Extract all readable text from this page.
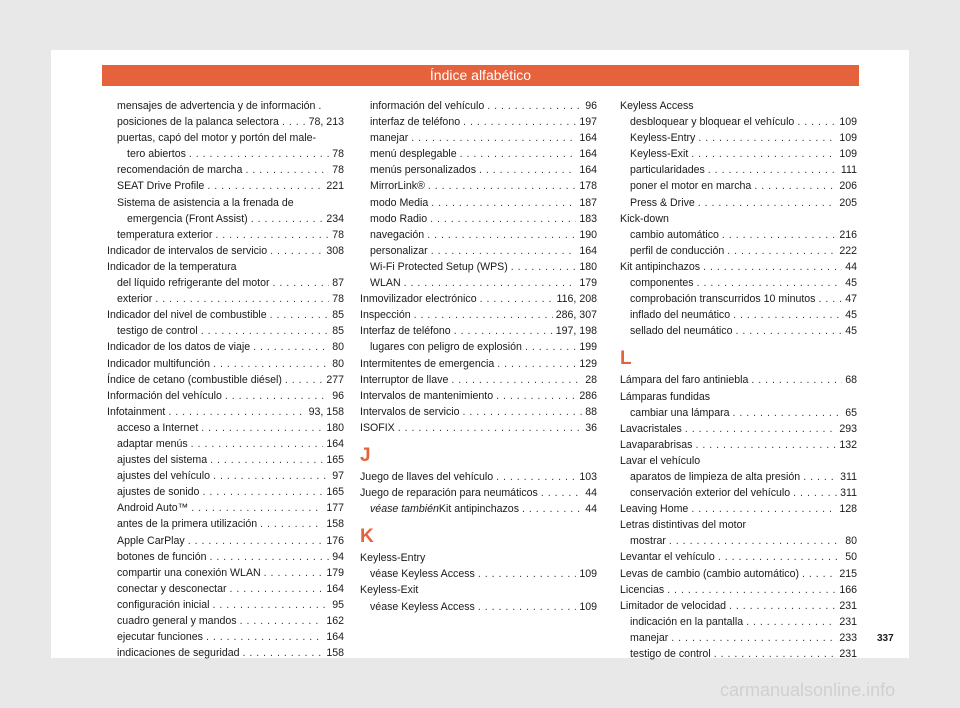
Índice alfabético
mensajes de advertencia y de información .
posiciones de la palanca selectora . . .	78, 213
puertas, capó del motor y portón del male-
tero abiertos . . .	78
recomendación de marcha . . .	78
SEAT Drive Profile . . .	221
Sistema de asistencia a la frenada de
emergencia (Front Assist) . . .	234
temperatura exterior . . .	78
Indicador de intervalos de servicio . . .	308
Indicador de la temperatura
del líquido refrigerante del motor . . .	87
exterior . . .	78
Indicador del nivel de combustible . . .	85
testigo de control . . .	85
Indicador de los datos de viaje . . .	80
Indicador multifunción . . .	80
Índice de cetano (combustible diésel) . . .	277
Información del vehículo . . .	96
Infotainment . . .	93, 158
acceso a Internet . . .	180
adaptar menús . . .	164
ajustes del sistema . . .	165
ajustes del vehículo . . .	97
ajustes de sonido . . .	165
Android Auto™ . . .	177
antes de la primera utilización . . .	158
Apple CarPlay . . .	176
botones de función . . .	94
compartir una conexión WLAN . . .	179
conectar y desconectar . . .	164
configuración inicial . . .	95
cuadro general y mandos . . .	162
ejecutar funciones . . .	164
indicaciones de seguridad . . .	158
información del vehículo . . .	96
interfaz de teléfono . . .	197
manejar . . .	164
menú desplegable . . .	164
menús personalizados . . .	164
MirrorLink® . . .	178
modo Media . . .	187
modo Radio . . .	183
navegación . . .	190
personalizar . . .	164
Wi-Fi Protected Setup (WPS) . . .	180
WLAN . . .	179
Inmovilizador electrónico . . .	116, 208
Inspección . . .	286, 307
Interfaz de teléfono . . .	197, 198
lugares con peligro de explosión . . .	199
Intermitentes de emergencia . . .	129
Interruptor de llave . . .	28
Intervalos de mantenimiento . . .	286
Intervalos de servicio . . .	88
ISOFIX . . .	36
J
Juego de llaves del vehículo . . .	103
Juego de reparación para neumáticos . . .	44
véase también Kit antipinchazos . . .	44
K
Keyless-Entry
véase Keyless Access . . .	109
Keyless-Exit
véase Keyless Access . . .	109
Keyless Access
desbloquear y bloquear el vehículo . . .	109
Keyless-Entry . . .	109
Keyless-Exit . . .	109
particularidades . . .	111
poner el motor en marcha . . .	206
Press & Drive . . .	205
Kick-down
cambio automático . . .	216
perfil de conducción . . .	222
Kit antipinchazos . . .	44
componentes . . .	45
comprobación transcurridos 10 minutos . . .	47
inflado del neumático . . .	45
sellado del neumático . . .	45
L
Lámpara del faro antiniebla . . .	68
Lámparas fundidas
cambiar una lámpara . . .	65
Lavacristales . . .	293
Lavaparabrisas . . .	132
Lavar el vehículo
aparatos de limpieza de alta presión . . .	311
conservación exterior del vehículo . . .	311
Leaving Home . . .	128
Letras distintivas del motor
mostrar . . .	80
Levantar el vehículo . . .	50
Levas de cambio (cambio automático) . . .	215
Licencias . . .	166
Limitador de velocidad . . .	231
indicación en la pantalla . . .	231
manejar . . .	233
testigo de control . . .	231
337
carmanualsonline.info
